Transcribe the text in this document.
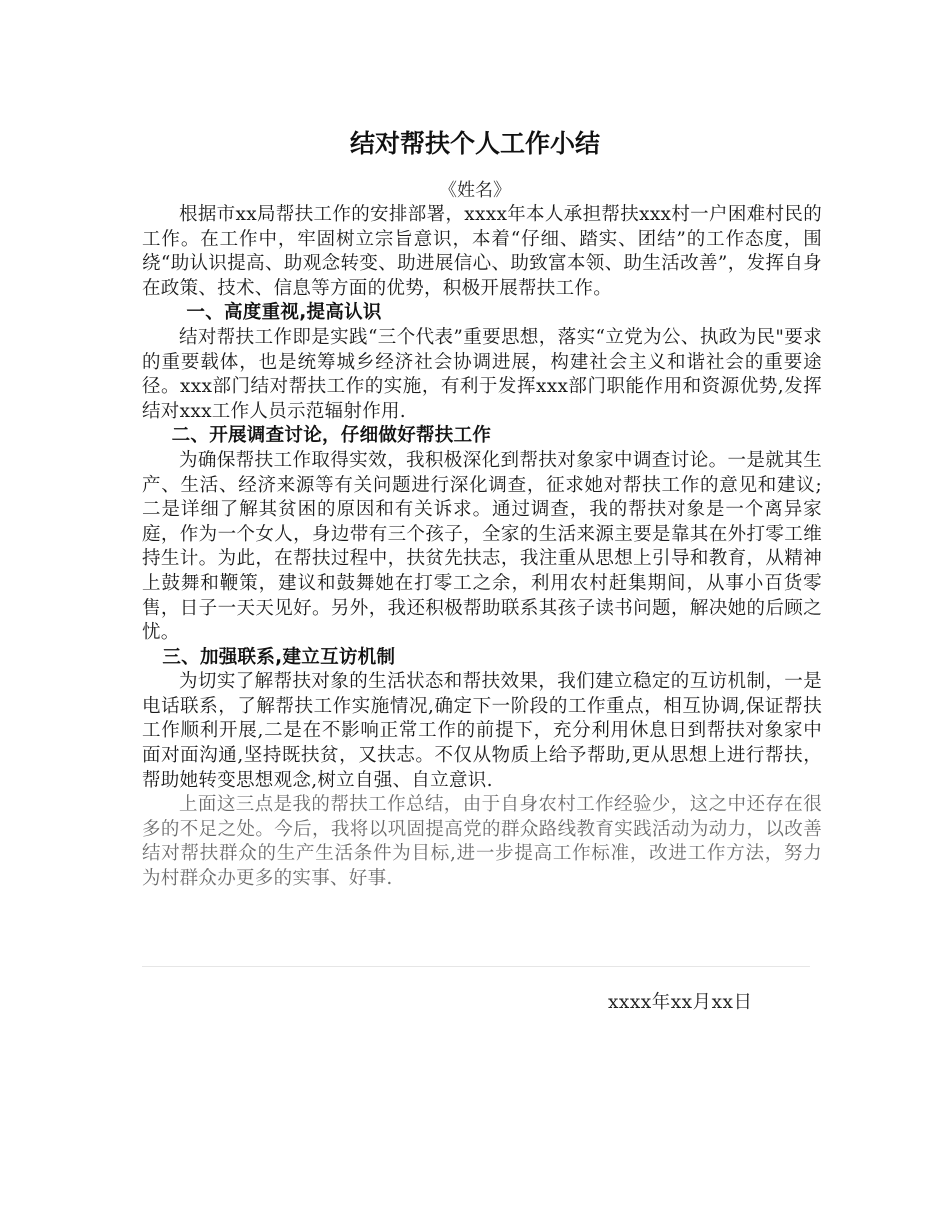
结对帮扶个人工作小结
《姓名》

根据市xx局帮扶工作的安排部署，xxxx年本人承担帮扶xxx村一户困难村民的工作。在工作中，牢固树立宗旨意识，本着“仔细、踏实、团结”的工作态度，围绕“助认识提高、助观念转变、助进展信心、助致富本领、助生活改善”，发挥自身在政策、技术、信息等方面的优势，积极开展帮扶工作。

一、高度重视,提高认识

结对帮扶工作即是实践“三个代表”重要思想，落实“立党为公、执政为民"要求的重要载体，也是统筹城乡经济社会协调进展，构建社会主义和谐社会的重要途径。xxx部门结对帮扶工作的实施，有利于发挥xxx部门职能作用和资源优势,发挥结对xxx工作人员示范辐射作用.

二、开展调查讨论，仔细做好帮扶工作

为确保帮扶工作取得实效，我积极深化到帮扶对象家中调查讨论。一是就其生产、生活、经济来源等有关问题进行深化调查，征求她对帮扶工作的意见和建议;二是详细了解其贫困的原因和有关诉求。通过调查，我的帮扶对象是一个离异家庭，作为一个女人，身边带有三个孩子，全家的生活来源主要是靠其在外打零工维持生计。为此，在帮扶过程中，扶贫先扶志，我注重从思想上引导和教育，从精神上鼓舞和鞭策，建议和鼓舞她在打零工之余，利用农村赶集期间，从事小百货零售，日子一天天见好。另外，我还积极帮助联系其孩子读书问题，解决她的后顾之忧。

三、加强联系,建立互访机制

为切实了解帮扶对象的生活状态和帮扶效果，我们建立稳定的互访机制，一是电话联系，了解帮扶工作实施情况,确定下一阶段的工作重点，相互协调,保证帮扶工作顺利开展,二是在不影响正常工作的前提下，充分利用休息日到帮扶对象家中面对面沟通,坚持既扶贫，又扶志。不仅从物质上给予帮助,更从思想上进行帮扶，帮助她转变思想观念,树立自强、自立意识.

上面这三点是我的帮扶工作总结，由于自身农村工作经验少，这之中还存在很多的不足之处。今后，我将以巩固提高党的群众路线教育实践活动为动力，以改善结对帮扶群众的生产生活条件为目标,进一步提高工作标准，改进工作方法，努力为村群众办更多的实事、好事.

xxxx年xx月xx日
